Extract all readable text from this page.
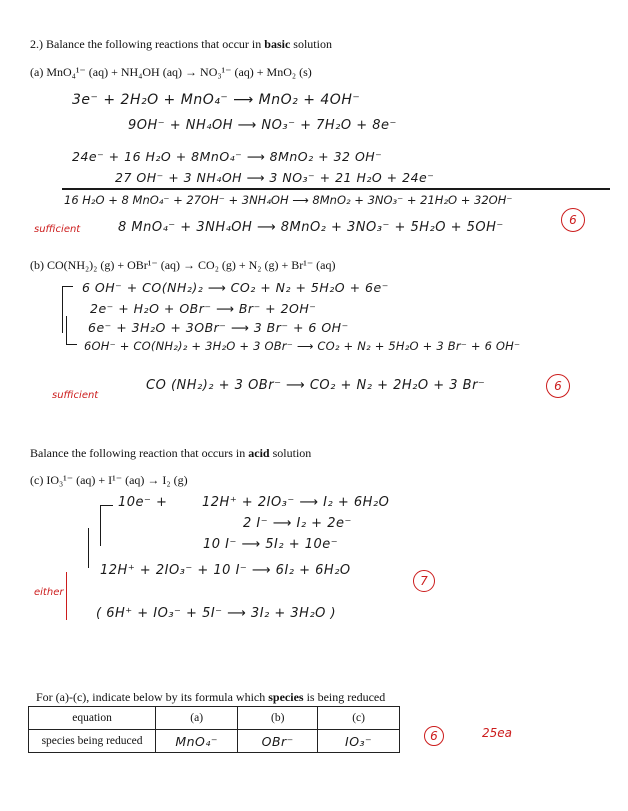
2.) Balance the following reactions that occur in basic solution
(a) MnO₄¹⁻ (aq) + NH₄OH (aq) → NO₃¹⁻ (aq) + MnO₂ (s)
3e⁻ + 2H₂O + MnO₄⁻ ⟶ MnO₂ + 4OH⁻
9OH⁻ + NH₄OH ⟶ NO₃⁻ + 7H₂O + 8e⁻
24e⁻ + 16 H₂O + 8MnO₄⁻ ⟶ 8MnO₂ + 32 OH⁻
27 OH⁻ + 3 NH₄OH ⟶ 3 NO₃⁻ + 21 H₂O + 24e⁻
16 H₂O + 8 MnO₄⁻ + 27OH⁻ + 3NH₄OH ⟶ 8MnO₂ + 3NO₃⁻ + 21H₂O + 32OH⁻
sufficient	8 MnO₄⁻ + 3NH₄OH ⟶ 8MnO₂ + 3NO₃⁻ + 5H₂O + 5OH⁻	6
(b) CO(NH₂)₂ (g) + OBr¹⁻ (aq) → CO₂ (g) + N₂ (g) + Br¹⁻ (aq)
6 OH⁻ + CO(NH₂)₂ ⟶ CO₂ + N₂ + 5H₂O + 6e⁻
2e⁻ + H₂O + OBr⁻ ⟶ Br⁻ + 2OH⁻
6e⁻ + 3H₂O + 3OBr⁻ ⟶ 3 Br⁻ + 6 OH⁻
6OH⁻ + CO(NH₂)₂ + 3H₂O + 3 OBr⁻ ⟶ CO₂ + N₂ + 5H₂O + 3 Br⁻ + 6 OH⁻
sufficient
CO (NH₂)₂ + 3 OBr⁻ ⟶ CO₂ + N₂ + 2H₂O + 3 Br⁻	6
Balance the following reaction that occurs in acid solution
(c) IO₃¹⁻ (aq) + I¹⁻ (aq) → I₂ (g)
10e⁻ +	12H⁺ + 2IO₃⁻ ⟶ I₂ + 6H₂O
2 I⁻ ⟶ I₂ + 2e⁻
10 I⁻ ⟶ 5I₂ + 10e⁻
12H⁺ + 2IO₃⁻ + 10 I⁻ ⟶ 6I₂ + 6H₂O
7
either
( 6H⁺ + IO₃⁻ + 5I⁻ ⟶ 3I₂ + 3H₂O )
For (a)-(c), indicate below by its formula which species is being reduced
equation	(a)	(b)	(c)
species being reduced	MnO₄⁻	OBr⁻	IO₃⁻	6	25ea
